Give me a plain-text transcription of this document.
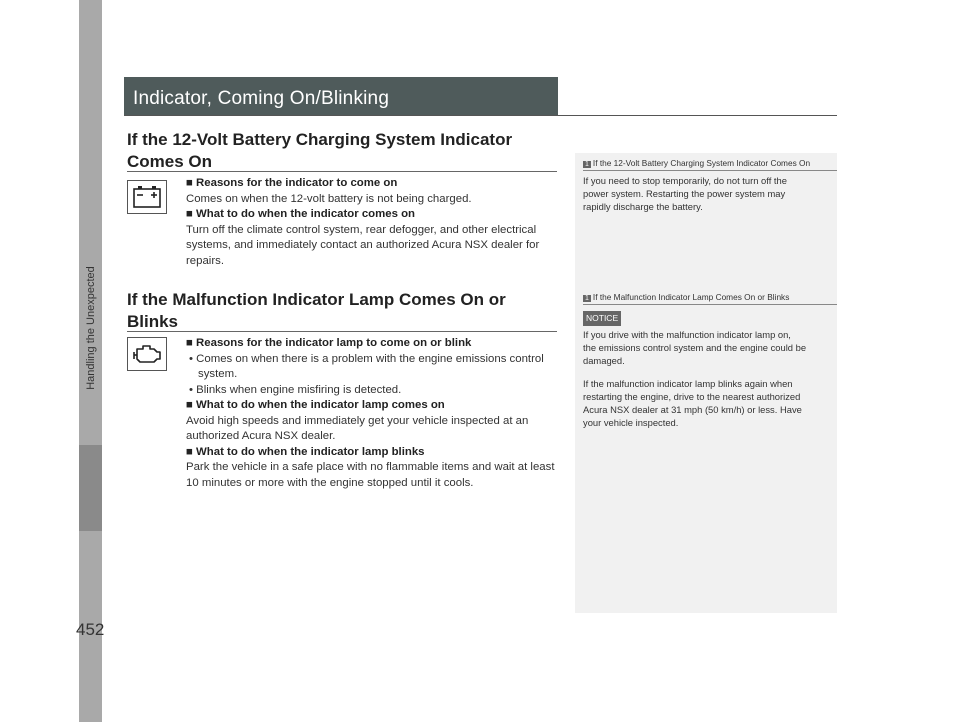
Handling the Unexpected
452
Indicator, Coming On/Blinking
If the 12-Volt Battery Charging System Indicator
Comes On

■ Reasons for the indicator to come on

Comes on when the 12-volt battery is not being charged.

■ What to do when the indicator comes on

Turn off the climate control system, rear defogger, and other electrical

systems, and immediately contact an authorized Acura NSX dealer for

repairs.

If the Malfunction Indicator Lamp Comes On or
Blinks

■ Reasons for the indicator lamp to come on or blink

• Comes on when there is a problem with the engine emissions control

system.

• Blinks when engine misfiring is detected.

■ What to do when the indicator lamp comes on

Avoid high speeds and immediately get your vehicle inspected at an

authorized Acura NSX dealer.

■ What to do when the indicator lamp blinks

Park the vehicle in a safe place with no flammable items and wait at least

10 minutes or more with the engine stopped until it cools.

1 If the 12-Volt Battery Charging System Indicator Comes On

If you need to stop temporarily, do not turn off the

power system. Restarting the power system may

rapidly discharge the battery.

1 If the Malfunction Indicator Lamp Comes On or Blinks
NOTICE

If you drive with the malfunction indicator lamp on,

the emissions control system and the engine could be

damaged.

If the malfunction indicator lamp blinks again when

restarting the engine, drive to the nearest authorized

Acura NSX dealer at 31 mph (50 km/h) or less. Have

your vehicle inspected.
